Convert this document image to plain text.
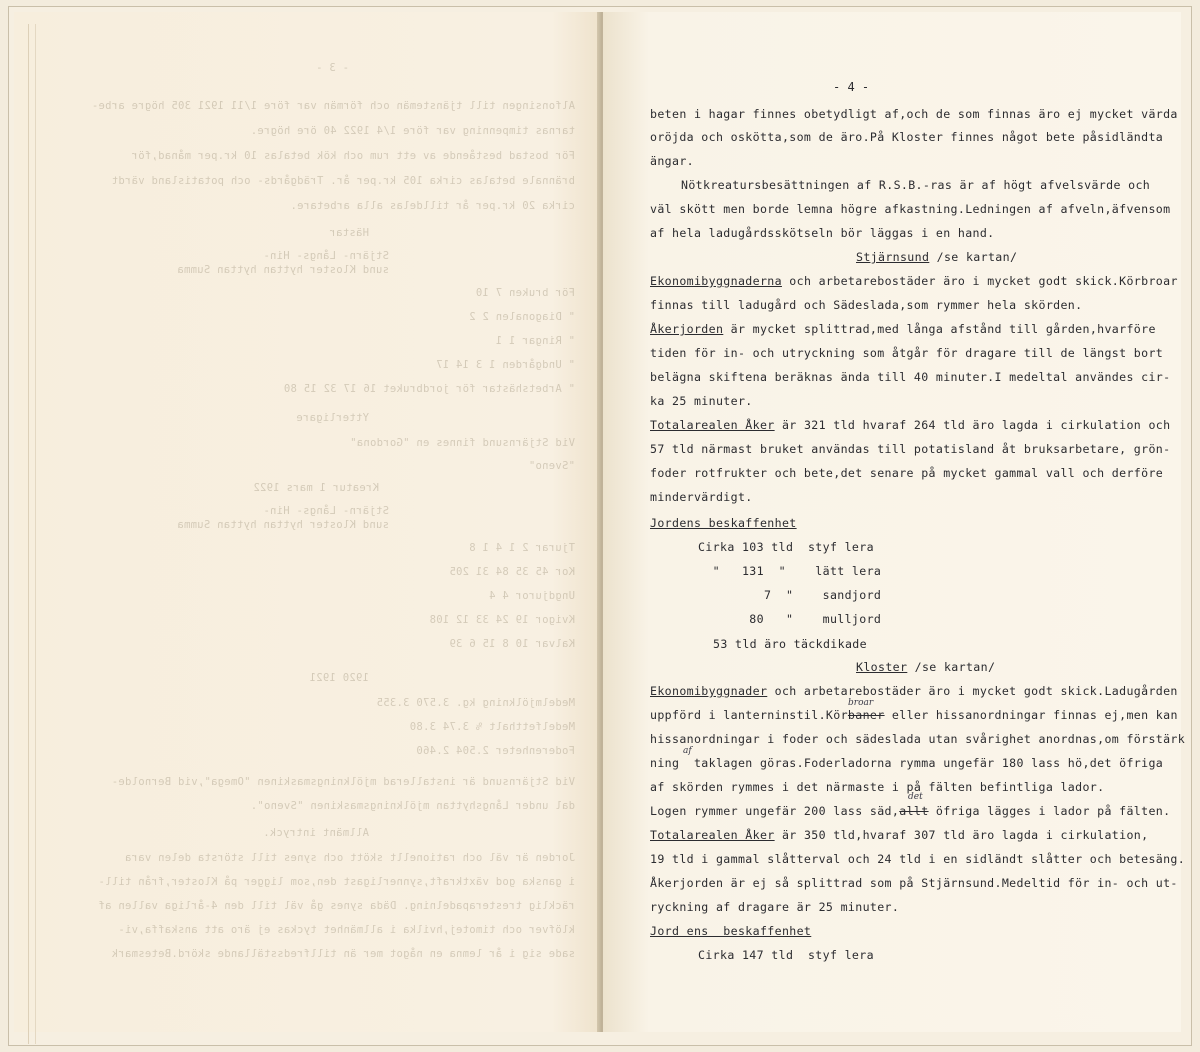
- 3 -
Alfonsingen till tjänstemän och förmän var före 1/11 1921 305 högre arbe-
tarnas timpenning var före 1/4 1922 40 öre högre.
För bostad bestående av ett rum och kök betalas 10 kr.per månad,för
brännale betalas cirka 105 kr.per år. Trädgårds- och potatisland värdt
cirka 20 kr.per år tilldelas alla arbetare.
Hästar
Stjärn- Långs- Hin-
sund Kloster hyttan hyttan Summa
För bruken 7 10
" Diagonalen 2 2
" Ringar 1 1
" Undgården 1 3 14 17
" Arbetshästar för jordbruket 16 17 32 15 80
Ytterligare
Vid Stjärnsund finnes en "Gordona"
"Sveno"
Kreatur 1 mars 1922
Stjärn- Långs- Hin-
sund Kloster hyttan hyttan Summa
Tjurar 2 1 4 1 8
Kor 45 35 84 31 205
Ungdjuror 4 4
Kvigor 19 24 33 12 108
Kalvar 10 8 15 6 39
1920 1921
Medelmjölkning kg. 3.570 3.355
Medelfetthalt % 3.74 3.80
Foderenheter 2.504 2.460
Vid Stjärnsund är installerad mjölkningsmaskinen "Omega",vid Bernolde-
dal under Långshyttan mjölkningsmaskinen "Sveno".
Allmänt intryck.
Jorden är väl och rationellt skött och synes till största delen vara
i ganska god växtkraft,synnerligast den,som ligger på Kloster,från till-
räcklig tresterapadelning. Däda synes gå väl till den 4-årliga vallen af
klöfver och timotej,hvilka i allmänhet tyckas ej äro att anskaffa,vi-
sade sig i år lemna en något mer än tillfredsställande skörd.Betesmark
- 4 -
beten i hagar finnes obetydligt af,och de som finnas äro ej mycket värda
oröjda och oskötta,som de äro.På Kloster finnes något bete påsidländta
ängar.
Nötkreatursbesättningen af R.S.B.-ras är af högt afvelsvärde och
väl skött men borde lemna högre afkastning.Ledningen af afveln,äfvensom
af hela ladugårdsskötseln bör läggas i en hand.
Stjärnsund /se kartan/
Ekonomibyggnaderna och arbetarebostäder äro i mycket godt skick.Körbroar
finnas till ladugård och Sädeslada,som rymmer hela skörden.
Åkerjorden är mycket splittrad,med långa afstånd till gården,hvarföre
tiden för in- och utryckning som åtgår för dragare till de längst bort
belägna skiftena beräknas ända till 40 minuter.I medeltal användes cir-
ka 25 minuter.
Totalarealen Åker är 321 tld hvaraf 264 tld äro lagda i cirkulation och
57 tld närmast bruket användas till potatisland åt bruksarbetare, grön-
foder rotfrukter och bete,det senare på mycket gammal vall och derföre
mindervärdigt.
Jordens beskaffenhet
Cirka 103 tld  styf lera
"   131  "    lätt lera
7  "    sandjord
80   "    mulljord
53 tld äro täckdikade
Kloster /se kartan/
Ekonomibyggnader och arbetarebostäder äro i mycket godt skick.Ladugården
broar
uppförd i lanterninstil.Körbaner eller hissanordningar finnas ej,men kan
hissanordningar i foder och sädeslada utan svårighet anordnas,om förstärk
af
ning  taklagen göras.Foderladorna rymma ungefär 180 lass hö,det öfriga
af skörden rymmes i det närmaste i på fälten befintliga lador.
det
Logen rymmer ungefär 200 lass säd,allt öfriga lägges i lador på fälten.
Totalarealen Åker är 350 tld,hvaraf 307 tld äro lagda i cirkulation,
19 tld i gammal slåtterval och 24 tld i en sidländt slåtter och betesäng.
Åkerjorden är ej så splittrad som på Stjärnsund.Medeltid för in- och ut-
ryckning af dragare är 25 minuter.
Jord ens  beskaffenhet
Cirka 147 tld  styf lera
